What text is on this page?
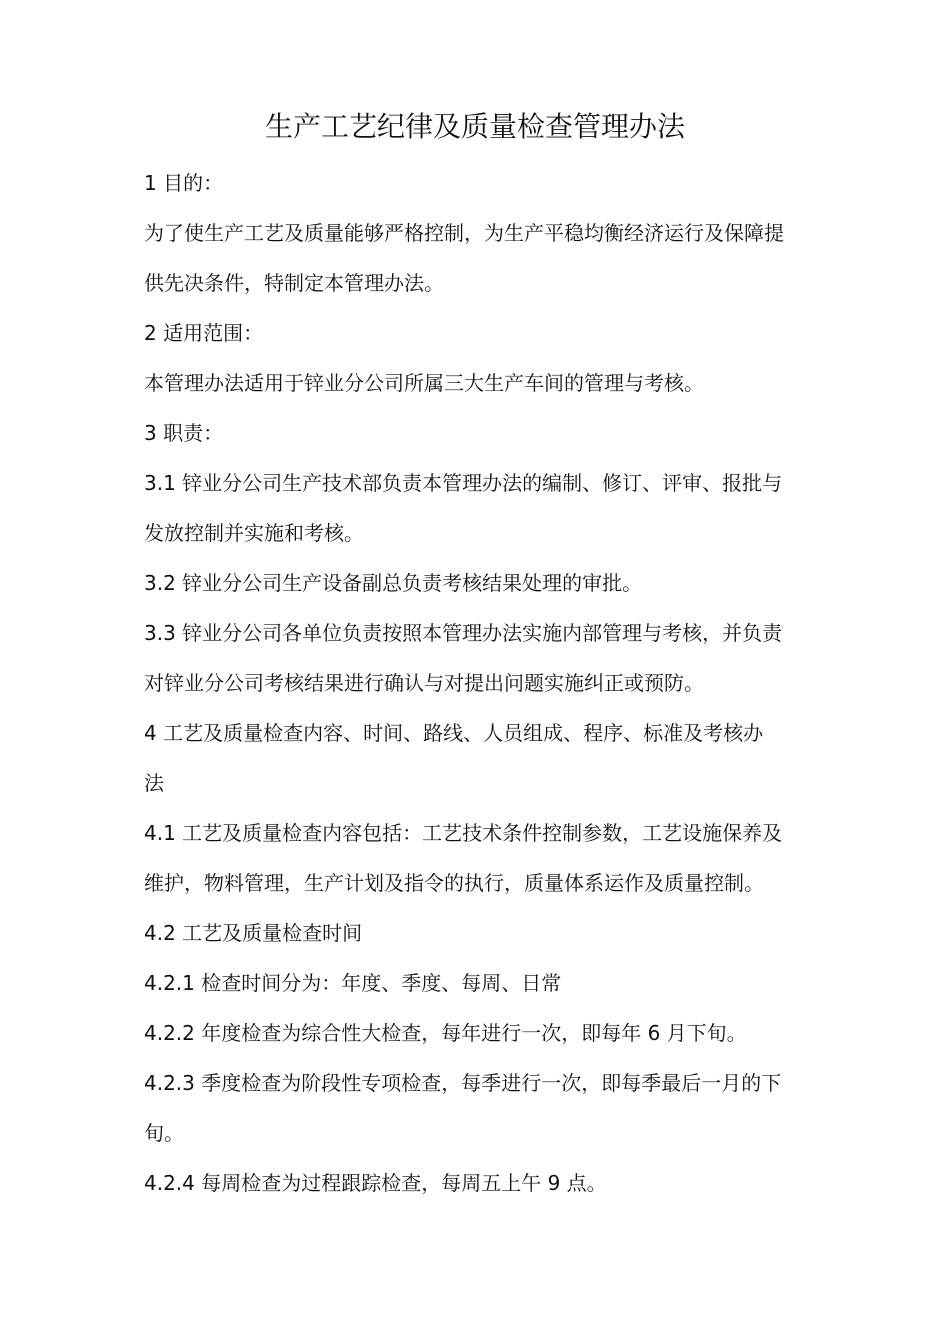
生产工艺纪律及质量检查管理办法
1 目的：
为了使生产工艺及质量能够严格控制，为生产平稳均衡经济运行及保障提
供先决条件，特制定本管理办法。
2 适用范围：
本管理办法适用于锌业分公司所属三大生产车间的管理与考核。
3 职责：
3.1 锌业分公司生产技术部负责本管理办法的编制、修订、评审、报批与
发放控制并实施和考核。
3.2 锌业分公司生产设备副总负责考核结果处理的审批。
3.3 锌业分公司各单位负责按照本管理办法实施内部管理与考核，并负责
对锌业分公司考核结果进行确认与对提出问题实施纠正或预防。
4 工艺及质量检查内容、时间、路线、人员组成、程序、标准及考核办
法
4.1 工艺及质量检查内容包括：工艺技术条件控制参数，工艺设施保养及
维护，物料管理，生产计划及指令的执行，质量体系运作及质量控制。
4.2 工艺及质量检查时间
4.2.1 检查时间分为：年度、季度、每周、日常
4.2.2 年度检查为综合性大检查，每年进行一次，即每年 6 月下旬。
4.2.3 季度检查为阶段性专项检查，每季进行一次，即每季最后一月的下
旬。
4.2.4 每周检查为过程跟踪检查，每周五上午 9 点。
